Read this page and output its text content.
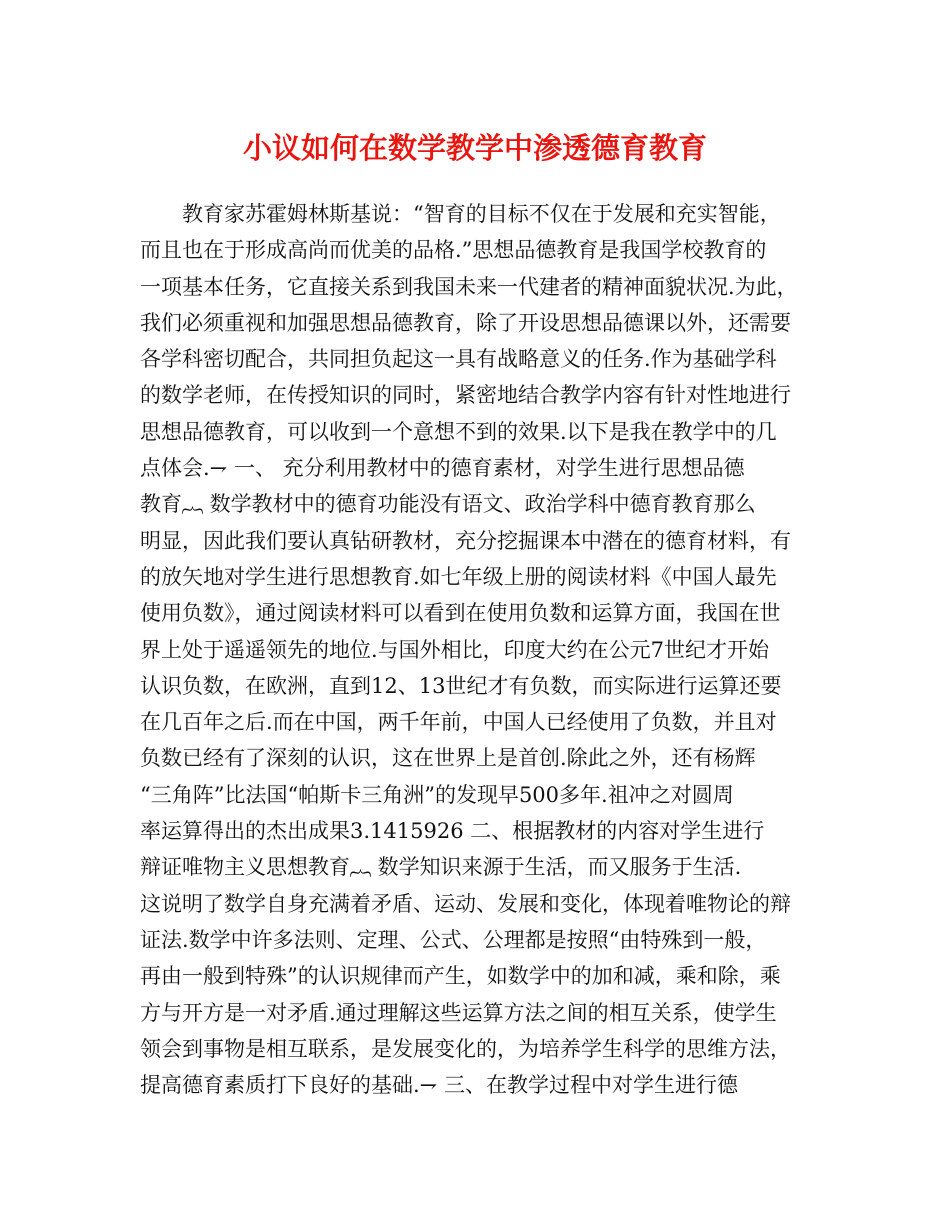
小议如何在数学教学中渗透德育教育
教育家苏霍姆林斯基说：“智育的目标不仅在于发展和充实智能，
而且也在于形成高尚而优美的品格.”思想品德教育是我国学校教育的
一项基本任务，它直接关系到我国未来一代建者的精神面貌状况.为此，
我们必须重视和加强思想品德教育，除了开设思想品德课以外，还需要
各学科密切配合，共同担负起这一具有战略意义的任务.作为基础学科
的数学老师，在传授知识的同时，紧密地结合教学内容有针对性地进行
思想品德教育，可以收到一个意想不到的效果.以下是我在教学中的几
点体会.⇁ 一、 充分利用教材中的德育素材，对学生进行思想品德
教育︷ 数学教材中的德育功能没有语文、政治学科中德育教育那么
明显，因此我们要认真钻研教材，充分挖掘课本中潜在的德育材料，有
的放矢地对学生进行思想教育.如七年级上册的阅读材料《中国人最先
使用负数》，通过阅读材料可以看到在使用负数和运算方面，我国在世
界上处于遥遥领先的地位.与国外相比，印度大约在公元7世纪才开始
认识负数，在欧洲，直到12、13世纪才有负数，而实际进行运算还要
在几百年之后.而在中国，两千年前，中国人已经使用了负数，并且对
负数已经有了深刻的认识，这在世界上是首创.除此之外，还有杨辉
“三角阵”比法国“帕斯卡三角洲”的发现早500多年.祖冲之对圆周
率运算得出的杰出成果3.1415926 二、根据教材的内容对学生进行
辩证唯物主义思想教育︷ 数学知识来源于生活，而又服务于生活.
这说明了数学自身充满着矛盾、运动、发展和变化，体现着唯物论的辩
证法.数学中许多法则、定理、公式、公理都是按照“由特殊到一般，
再由一般到特殊”的认识规律而产生，如数学中的加和减，乘和除，乘
方与开方是一对矛盾.通过理解这些运算方法之间的相互关系，使学生
领会到事物是相互联系，是发展变化的，为培养学生科学的思维方法，
提高德育素质打下良好的基础.⇁ 三、在教学过程中对学生进行德
